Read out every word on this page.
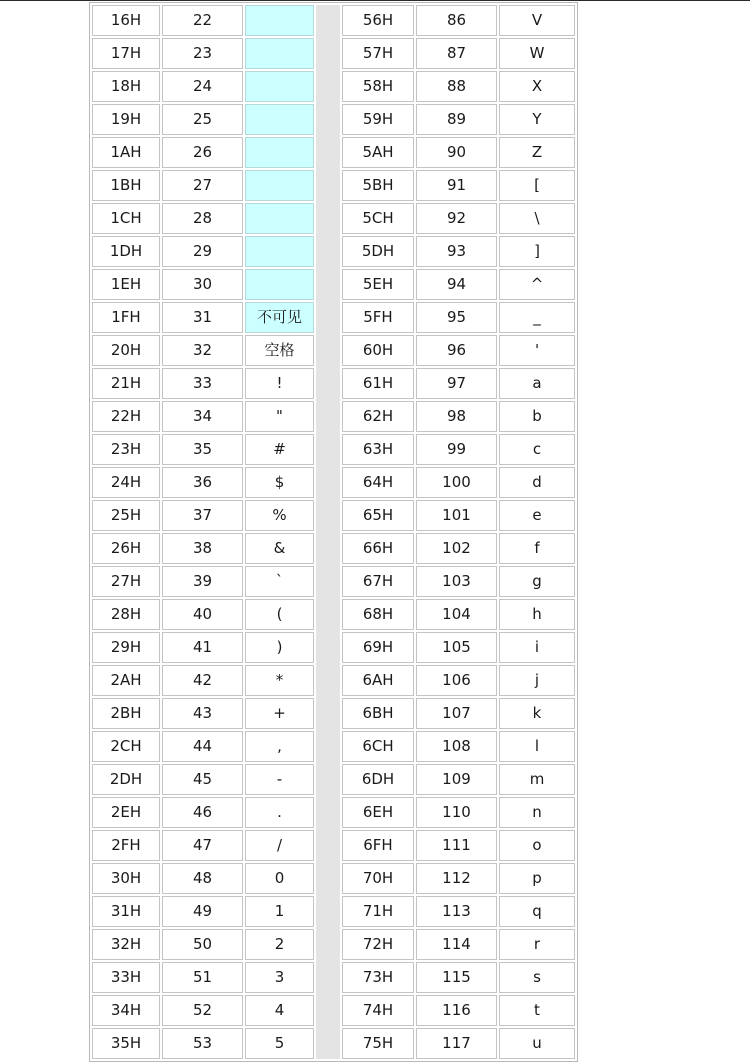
16H	22			56H	86	V
17H	23			57H	87	W
18H	24			58H	88	X
19H	25			59H	89	Y
1AH	26			5AH	90	Z
1BH	27			5BH	91	[
1CH	28			5CH	92	\
1DH	29			5DH	93	]
1EH	30			5EH	94	^
1FH	31	不可见		5FH	95	_
20H	32	空格		60H	96	'
21H	33	!		61H	97	a
22H	34	"		62H	98	b
23H	35	#		63H	99	c
24H	36	$		64H	100	d
25H	37	%		65H	101	e
26H	38	&		66H	102	f
27H	39	`		67H	103	g
28H	40	(		68H	104	h
29H	41	)		69H	105	i
2AH	42	*		6AH	106	j
2BH	43	+		6BH	107	k
2CH	44	,		6CH	108	l
2DH	45	-		6DH	109	m
2EH	46	.		6EH	110	n
2FH	47	/		6FH	111	o
30H	48	0		70H	112	p
31H	49	1		71H	113	q
32H	50	2		72H	114	r
33H	51	3		73H	115	s
34H	52	4		74H	116	t
35H	53	5		75H	117	u
